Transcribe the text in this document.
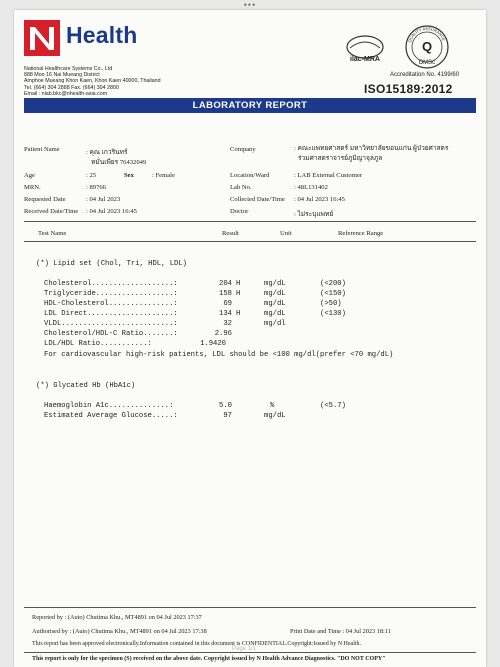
•••
Health
National Healthcare Systems Co., Ltd
888 Moo 16 Nai Mueang District
Amphoe Mueang Khon Kaen, Khon Kaen 40000, Thailand
Tel. (664) 304 2888 Fax. (664) 304 2800
Email : nlab.bkc@nhealth-asia.com
ilac-MRA
QUALITY ASSURANCE
Q
DMSc
Accreditation No. 4199/60
ISO15189:2012
LABORATORY REPORT
Patient Name	: คุณ เกวรินทร์
หมั่นเพียร 76432049
Company	: คณะแพทยศาสตร์ มหาวิทยาลัยขอนแก่น ผู้ป่วยศาสตร
ร่วมศาสตราจารย์ภูมิญาจุลภูล
Age	: 25	Sex	: Female	Location/Ward	: LAB External Customer
MRN.	: 89766	Lab No.	: 48L131402
Requested Date	: 04 Jul 2023	Collected Date/Time : 04 Jul 2023 16:45
Received Date/Time : 04 Jul 2023 16:45	Doctor	: ไม่ระบุแพทย์
Test Name	Result	Unit	Reference Range
(*) Lipid set (Chol, Tri, HDL, LDL)
Cholesterol...................:	204 H	mg/dL	(<200)
Triglyceride..................:	158 H	mg/dL	(<150)
HDL-Cholesterol...............:	69	mg/dL	(>50)
LDL Direct....................:	134 H	mg/dL	(<130)
VLDL..........................:	32	mg/dl
Cholesterol/HDL-C Ratio.......:	2.96
LDL/HDL Ratio...........:	1.9420
For cardiovascular high-risk patients, LDL should be <100 mg/dl(prefer <70 mg/dL)
(*) Glycated Hb (HbA1c)
Haemoglobin A1c..............:	5.0	%	(<5.7)
Estimated Average Glucose.....:	97	mg/dL
Reported by : (Auto) Chutima Khu., MT4891 on 04 Jul 2023 17:37
Authorised by : (Auto) Chutima Khu., MT4891 on 04 Jul 2023 17:38	Print Date and Time : 04 Jul 2023 18:11
This report has been approved electronically.Information contained in this document is CONFIDENTIAL.Copyright:Issued by N Health.
Page 1/1
This report is only for the specimen (S) received on the above date. Copyright issued by N Health Advance Diagnostics. "DO NOT COPY"
